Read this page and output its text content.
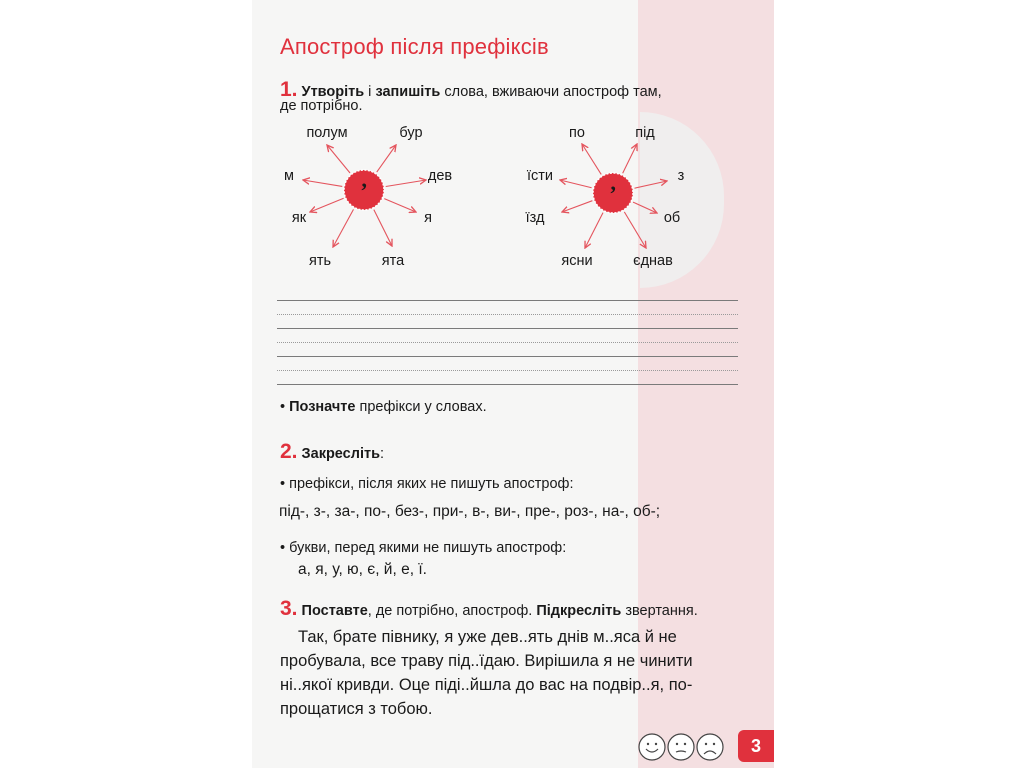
Апостроф після префіксів
1. Утворіть і запишіть слова, вживаючи апостроф там,
де потрібно.
’	’
полум	бур
м	дев
як	я
ять	ята
по	під
їсти	з
їзд	об
ясни	єднав
• Позначте префікси у словах.
2. Закресліть:
• префікси, після яких не пишуть апостроф:
під-, з-, за-, по-, без-, при-, в-, ви-, пре-, роз-, на-, об-;
• букви, перед якими не пишуть апостроф:
а, я, у, ю, є, й, е, ї.
3. Поставте, де потрібно, апостроф. Підкресліть звертання.
Так, брате півнику, я уже дев..ять днів м..яса й не
пробувала, все траву під..їдаю. Вирішила я не чинити
ні..якої кривди. Оце піді..йшла до вас на подвір..я, по-
прощатися з тобою.
3
